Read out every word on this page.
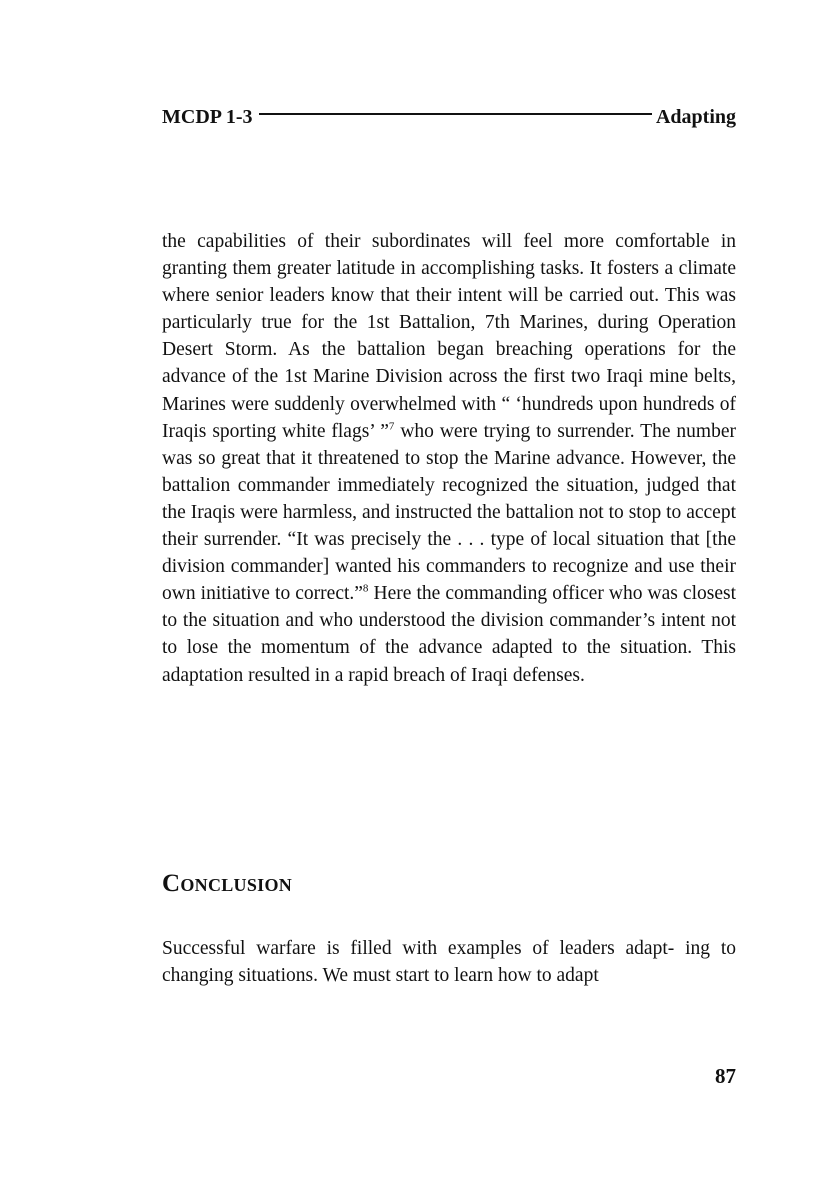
MCDP 1-3	Adapting

the capabilities of their subordinates will feel more comfortable in granting them greater latitude in accomplishing tasks. It fosters a climate where senior leaders know that their intent will be carried out. This was particularly true for the 1st Battalion, 7th Marines, during Operation Desert Storm. As the battalion began breaching operations for the advance of the 1st Marine Division across the first two Iraqi mine belts, Marines were suddenly overwhelmed with “ ‘hundreds upon hundreds of Iraqis sporting white flags’ ”$^7$ who were trying to surrender. The number was so great that it threatened to stop the Marine advance. However, the battalion commander immediately recognized the situation, judged that the Iraqis were harmless, and instructed the battalion not to stop to accept their surrender. “It was precisely the . . . type of local situation that [the division commander] wanted his commanders to recognize and use their own initiative to correct.”$^8$ Here the commanding officer who was closest to the situation and who understood the division commander’s intent not to lose the momentum of the advance adapted to the situation. This adaptation resulted in a rapid breach of Iraqi defenses.

Conclusion

Successful warfare is filled with examples of leaders adapt- ing to changing situations. We must start to learn how to adapt

87
